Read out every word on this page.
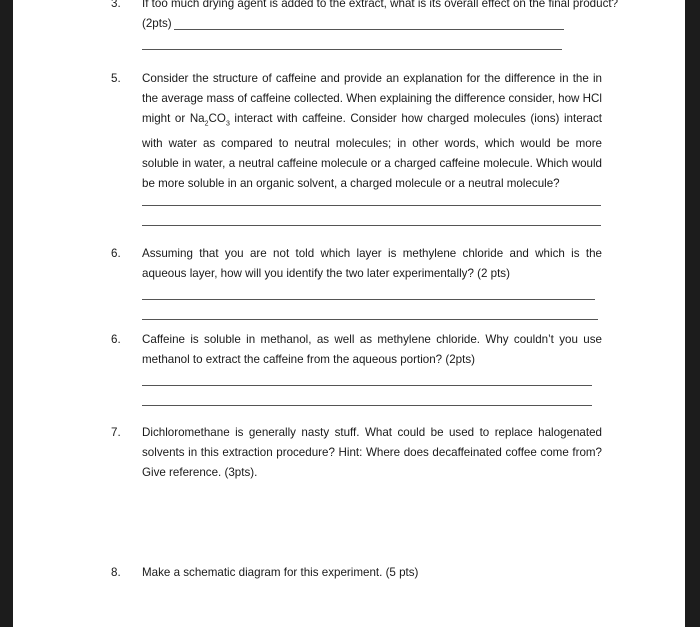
3. If too much drying agent is added to the extract, what is its overall effect on the final product?

(2pts)

5. Consider the structure of caffeine and provide an explanation for the difference in the in the average mass of caffeine collected. When explaining the difference consider, how HCl might or $Na_2CO_3$ interact with caffeine. Consider how charged molecules (ions) interact with water as compared to neutral molecules; in other words, which would be more soluble in water, a neutral caffeine molecule or a charged caffeine molecule. Which would be more soluble in an organic solvent, a charged molecule or a neutral molecule?

6. Assuming that you are not told which layer is methylene chloride and which is the aqueous layer, how will you identify the two later experimentally? (2 pts)

6. Caffeine is soluble in methanol, as well as methylene chloride. Why couldn’t you use methanol to extract the caffeine from the aqueous portion? (2pts)

7. Dichloromethane is generally nasty stuff. What could be used to replace halogenated solvents in this extraction procedure? Hint: Where does decaffeinated coffee come from? Give reference. (3pts).

8. Make a schematic diagram for this experiment. (5 pts)
